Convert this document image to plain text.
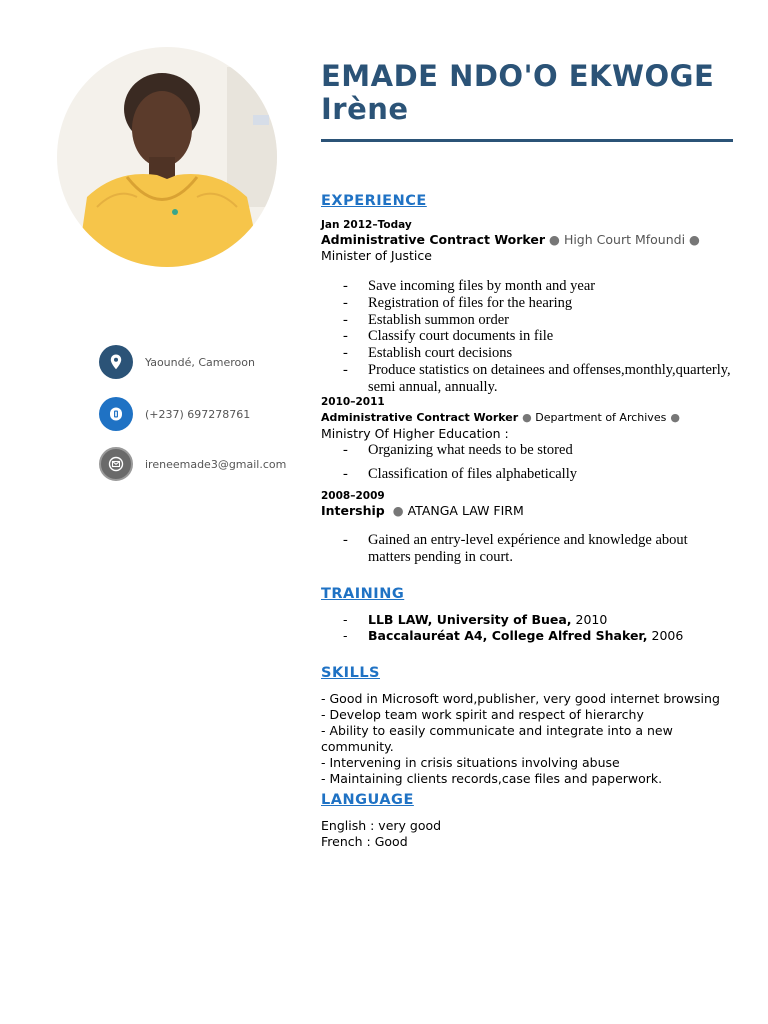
Yaoundé, Cameroon
(+237) 697278761
ireneemade3@gmail.com
EMADE NDO'O EKWOGE
Irène
EXPERIENCE
Jan 2012–Today
Administrative Contract Worker ● High Court Mfoundi ● Minister of Justice
- Save incoming files by month and year
- Registration of files for the hearing
- Establish summon order
- Classify court documents in file
- Establish court decisions
- Produce statistics on detainees and offenses,monthly,quarterly, semi annual, annually.
2010–2011
Administrative Contract Worker ● Department of Archives ● Ministry Of Higher Education :
- Organizing what needs to be stored
- Classification of files alphabetically
2008–2009
Intership  ● ATANGA LAW FIRM
- Gained an entry-level expérience and knowledge about matters pending in court.
TRAINING
- LLB LAW, University of Buea, 2010
- Baccalauréat A4, College Alfred Shaker, 2006
SKILLS
- Good in Microsoft word,publisher, very good internet browsing
- Develop team work spirit and respect of hierarchy
- Ability to easily communicate and integrate into a new community.
- Intervening in crisis situations involving abuse
- Maintaining clients records,case files and paperwork.
LANGUAGE
English : very good
French : Good
